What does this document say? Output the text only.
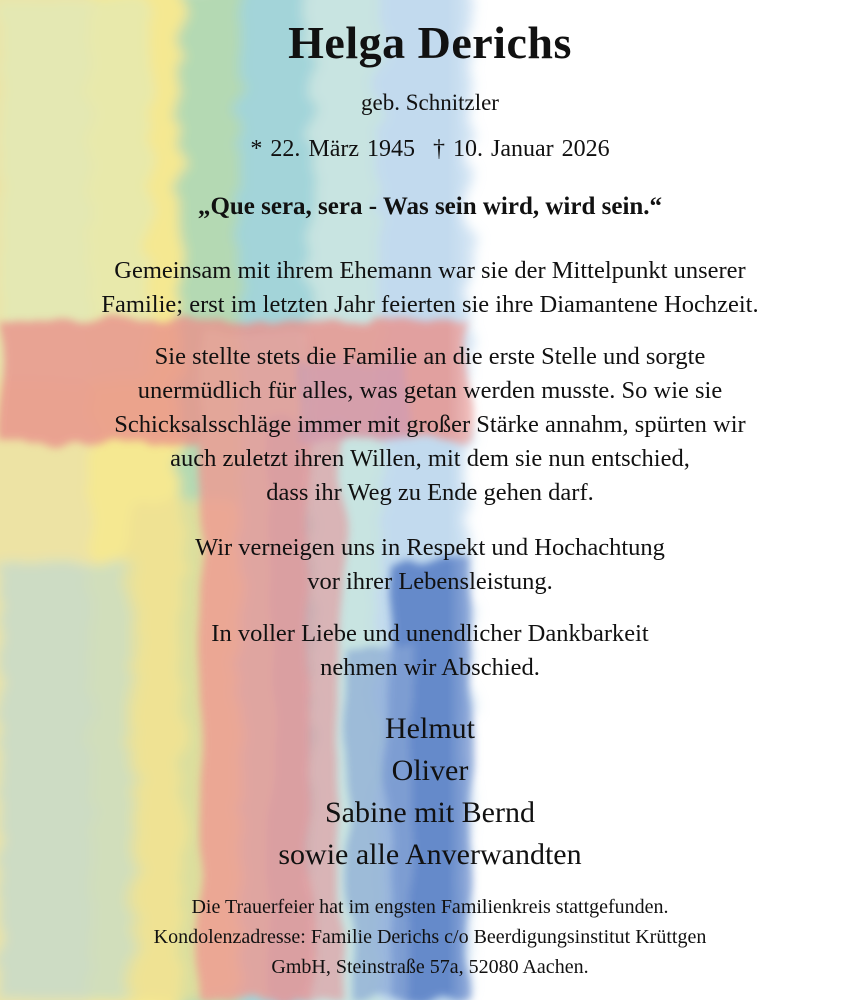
Helga Derichs
geb. Schnitzler
* 22. März 1945 † 10. Januar 2026
„Que sera, sera - Was sein wird, wird sein.“

Gemeinsam mit ihrem Ehemann war sie der Mittelpunkt unserer
Familie; erst im letzten Jahr feierten sie ihre Diamantene Hochzeit.

Sie stellte stets die Familie an die erste Stelle und sorgte
unermüdlich für alles, was getan werden musste. So wie sie
Schicksalsschläge immer mit großer Stärke annahm, spürten wir
auch zuletzt ihren Willen, mit dem sie nun entschied,
dass ihr Weg zu Ende gehen darf.

Wir verneigen uns in Respekt und Hochachtung
vor ihrer Lebensleistung.

In voller Liebe und unendlicher Dankbarkeit
nehmen wir Abschied.

Helmut
Oliver
Sabine mit Bernd
sowie alle Anverwandten

Die Trauerfeier hat im engsten Familienkreis stattgefunden.
Kondolenzadresse: Familie Derichs c/o Beerdigungsinstitut Krüttgen
GmbH, Steinstraße 57a, 52080 Aachen.
